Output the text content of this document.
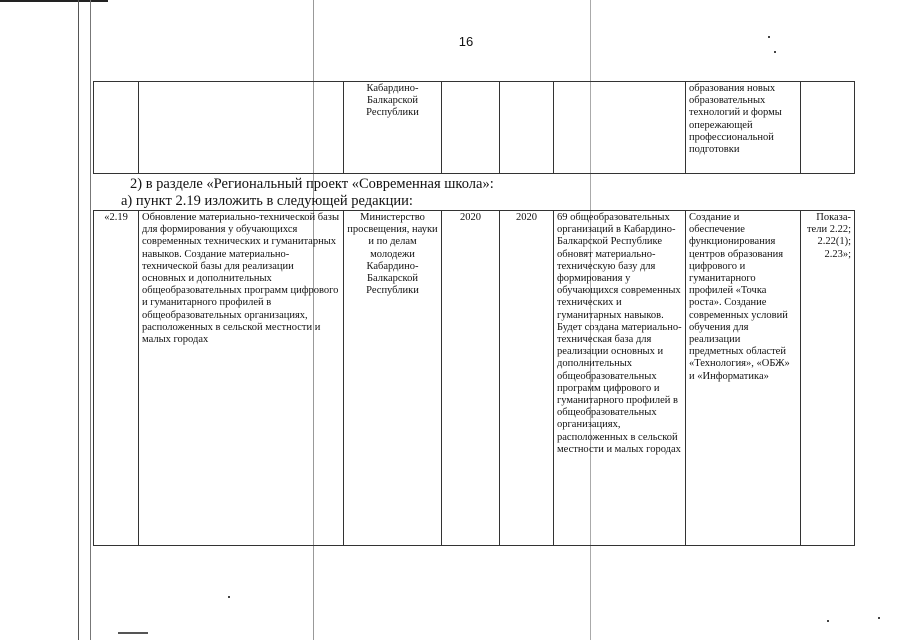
16
		Кабардино-Балкарской Республики				образования новых образовательных технологий и формы опережающей профессиональной подготовки	
2) в разделе «Региональный проект «Современная школа»:
а) пункт 2.19 изложить в следующей редакции:
«2.19	Обновление материально-технической базы для формирования у обучающихся современных технических и гуманитарных навыков. Создание материально-технической базы для реализации основных и дополнительных общеобразовательных программ цифрового и гуманитарного профилей в общеобразовательных организациях, расположенных в сельской местности и малых городах	Министерство просвещения, науки и по делам молодежи Кабардино-Балкарской Республики	2020	2020	69 общеобразовательных организаций в Кабардино-Балкарской Республике обновят материально-техническую базу для формирования у обучающихся современных технических и гуманитарных навыков. Будет создана материально-техническая база для реализации основных и дополнительных общеобразовательных программ цифрового и гуманитарного профилей в общеобразовательных организациях, расположенных в сельской местности и малых городах	Создание и обеспечение функционирования центров образования цифрового и гуманитарного профилей «Точка роста». Создание современных условий обучения для реализации предметных областей «Технология», «ОБЖ» и «Информатика»	Показа-тели 2.22; 2.22(1); 2.23»;
